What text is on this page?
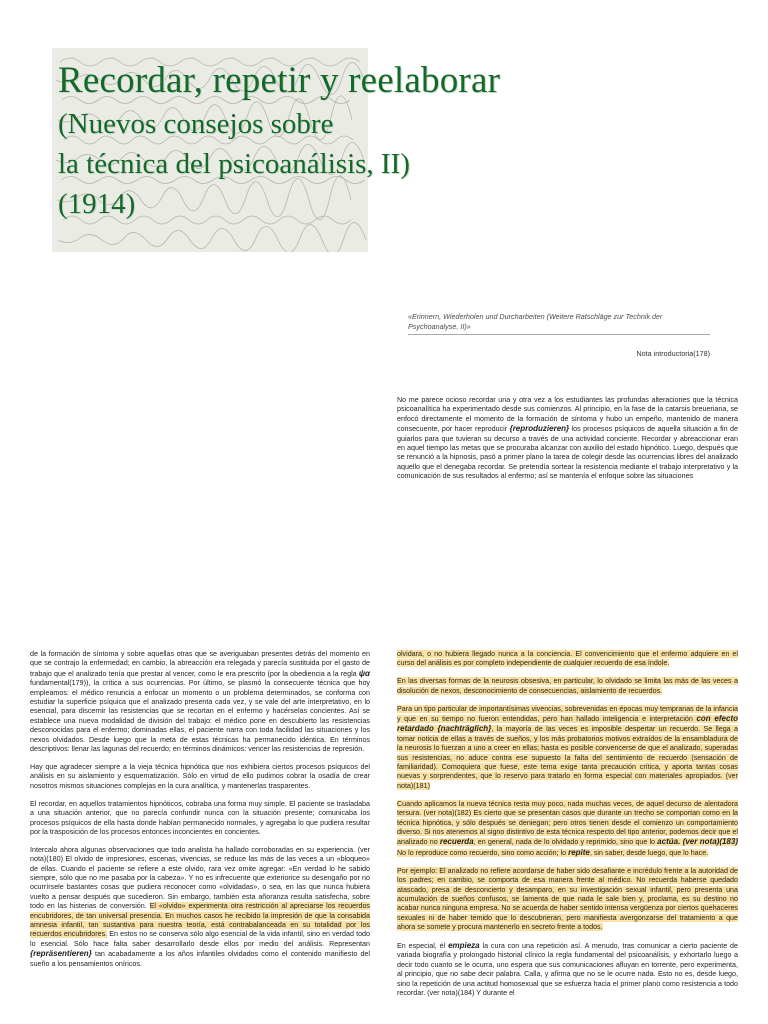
Recordar, repetir y reelaborar
(Nuevos consejos sobre
la técnica del psicoanálisis, II)
(1914)
«Erinnern, Wiederholen und Durcharbeiten (Weitere Ratschläge zur Technik der Psychoanalyse, II)»
Nota introductoria(178)

No me parece ocioso recordar una y otra vez a los estudiantes las profundas alteraciones que la técnica psicoanalítica ha experimentado desde sus comienzos. Al principio, en la fase de la catarsis breueriana, se enfocó directamente el momento de la formación de síntoma y hubo un empeño, mantenido de manera consecuente, por hacer reproducir {reproduzieren} los procesos psíquicos de aquella situación a fin de guiarlos para que tuvieran su decurso a través de una actividad conciente. Recordar y abreaccionar eran en aquel tiempo las metas que se procuraba alcanzar con auxilio del estado hipnótico. Luego, después que se renunció a la hipnosis, pasó a primer plano la tarea de colegir desde las ocurrencias libres del analizado aquello que el denegaba recordar. Se pretendía sortear la resistencia mediante el trabajo interpretativo y la comunicación de sus resultados al enfermo; así se mantenía el enfoque sobre las situaciones

de la formación de síntoma y sobre aquellas otras que se averiguaban presentes detrás del momento en que se contrajo la enfermedad; en cambio, la abreacción era relegada y parecía sustituida por el gasto de trabajo que el analizado tenía que prestar al vencer, como le era prescrito (por la obediencia a la regla ψα fundamental(179)), la crítica a sus ocurrencias. Por último, se plasmó la consecuente técnica que hoy empleamos: el médico renuncia a enfocar un momento o un problema determinados, se conforma con estudiar la superficie psíquica que el analizado presenta cada vez, y se vale del arte interpretativo, en lo esencial, para discernir las resistencias que se recortan en el enfermo y hacérselas concientes. Así se establece una nueva modalidad de división del trabajo: el médico pone en descubierto las resistencias desconocidas para el enfermo; dominadas ellas, el paciente narra con toda facilidad las situaciones y los nexos olvidados. Desde luego que la meta de estas técnicas ha permanecido idéntica. En términos descriptivos: llenar las lagunas del recuerdo; en términos dinámicos: vencer las resistencias de represión.

Hay que agradecer siempre a la vieja técnica hipnótica que nos exhibiera ciertos procesos psíquicos del análisis en su aislamiento y esquematización. Sólo en virtud de ello pudimos cobrar la osadía de crear nosotros mismos situaciones complejas en la cura analítica, y mantenerlas trasparentes.

El recordar, en aquellos tratamientos hipnóticos, cobraba una forma muy simple. El paciente se trasladaba a una situación anterior, que no parecía confundir nunca con la situación presente; comunicaba los procesos psíquicos de ella hasta donde habían permanecido normales, y agregaba lo que pudiera resultar por la trasposición de los procesos entonces inconcientes en concientes.

Intercalo ahora algunas observaciones que todo analista ha hallado corroboradas en su experiencia. (ver nota)(180) El olvido de impresiones, escenas, vivencias, se reduce las más de las veces a un «bloqueo» de ellas. Cuando el paciente se refiere a este olvido, rara vez omite agregar: «En verdad lo he sabido siempre, sólo que no me pasaba por la cabeza». Y no es infrecuente que exteriorice su desengaño por no ocurrírsele bastantes cosas que pudiera reconocer como «olvidadas», o sea, en las que nunca hubiera vuelto a pensar después que sucedieron. Sin embargo, también esta añoranza resulta satisfecha, sobre todo en las histerias de conversión. El «olvido» experimenta otra restricción al apreciarse los recuerdos encubridores, de tan universal presencia. En muchos casos he recibido la impresión de que la consabida amnesia infantil, tan sustantiva para nuestra teoría, está contrabalanceada en su totalidad por los recuerdos encubridores. En estos no se conserva sólo algo esencial de la vida infantil, sino en verdad todo lo esencial. Sólo hace falta saber desarrollarlo desde ellos por medio del análisis. Representan {repräsentieren} tan acabadamente a los años infantiles olvidados como el contenido manifiesto del sueño a los pensamientos oníricos.

olvidara, o no hubiera llegado nunca a la conciencia. El convencimiento que el enfermo adquiere en el curso del análisis es por completo independiente de cualquier recuerdo de esa índole.

En las diversas formas de la neurosis obsesiva, en particular, lo olvidado se limita las más de las veces a disolución de nexos, desconocimiento de consecuencias, aislamiento de recuerdos.

Para un tipo particular de importantísimas vivencias, sobrevenidas en épocas muy tempranas de la infancia y que en su tiempo no fueron entendidas, pero han hallado inteligencia e interpretación con efecto retardado {nachträglich}, la mayoría de las veces es imposible despertar un recuerdo. Se llega a tomar noticia de ellas a través de sueños, y los más probatorios motivos extraídos de la ensambladura de la neurosis lo fuerzan a uno a creer en ellas; hasta es posible convencerse de que el analizado, superadas sus resistencias, no aduce contra ese supuesto la falta del sentimiento de recuerdo (sensación de familiaridad). Comoquiera que fuese, este tema exige tanta precaución crítica, y aporta tantas cosas nuevas y sorprendentes, que lo reservo para tratarlo en forma especial con materiales apropiados. (ver nota)(181)

Cuando aplicamos la nueva técnica resta muy poco, nada muchas veces, de aquel decurso de alentadora tersura. (ver nota)(182) Es cierto que se presentan casos que durante un trecho se comportan como en la técnica hipnótica, y sólo después se deniegan; pero otros tienen desde el comienzo un comportamiento diverso. Si nos atenemos al signo distintivo de esta técnica respecto del tipo anterior, podemos decir que el analizado no recuerda, en general, nada de lo olvidado y reprimido, sino que lo actúa. (ver nota)(183) No lo reproduce como recuerdo, sino como acción; lo repite, sin saber, desde luego, que lo hace.

Por ejemplo: El analizado no refiere acordarse de haber sido desafiante e incrédulo frente a la autoridad de los padres; en cambio, se comporta de esa manera frente al médico. No recuerda haberse quedado atascado, presa de desconcierto y desamparo, en su investigación sexual infantil, pero presenta una acumulación de sueños confusos, se lamenta de que nada le sale bien y, proclama, es su destino no acabar nunca ninguna empresa. No se acuerda de haber sentido intensa vergüenza por ciertos quehaceres sexuales ni de haber temido que lo descubrieran, pero manifiesta avergonzarse del tratamiento a que ahora se somete y procura mantenerlo en secreto frente a todos.

En especial, él empieza la cura con una repetición así. A menudo, tras comunicar a cierto paciente de variada biografía y prolongado historial clínico la regla fundamental del psicoanálisis, y exhortarlo luego a decir todo cuanto se le ocurra, uno espera que sus comunicaciones afluyan en torrente, pero experimenta, al principio, que no sabe decir palabra. Calla, y afirma que no se le ocurre nada. Esto no es, desde luego, sino la repetición de una actitud homosexual que se esfuerza hacia el primer plano como resistencia a todo recordar. (ver nota)(184) Y durante el
